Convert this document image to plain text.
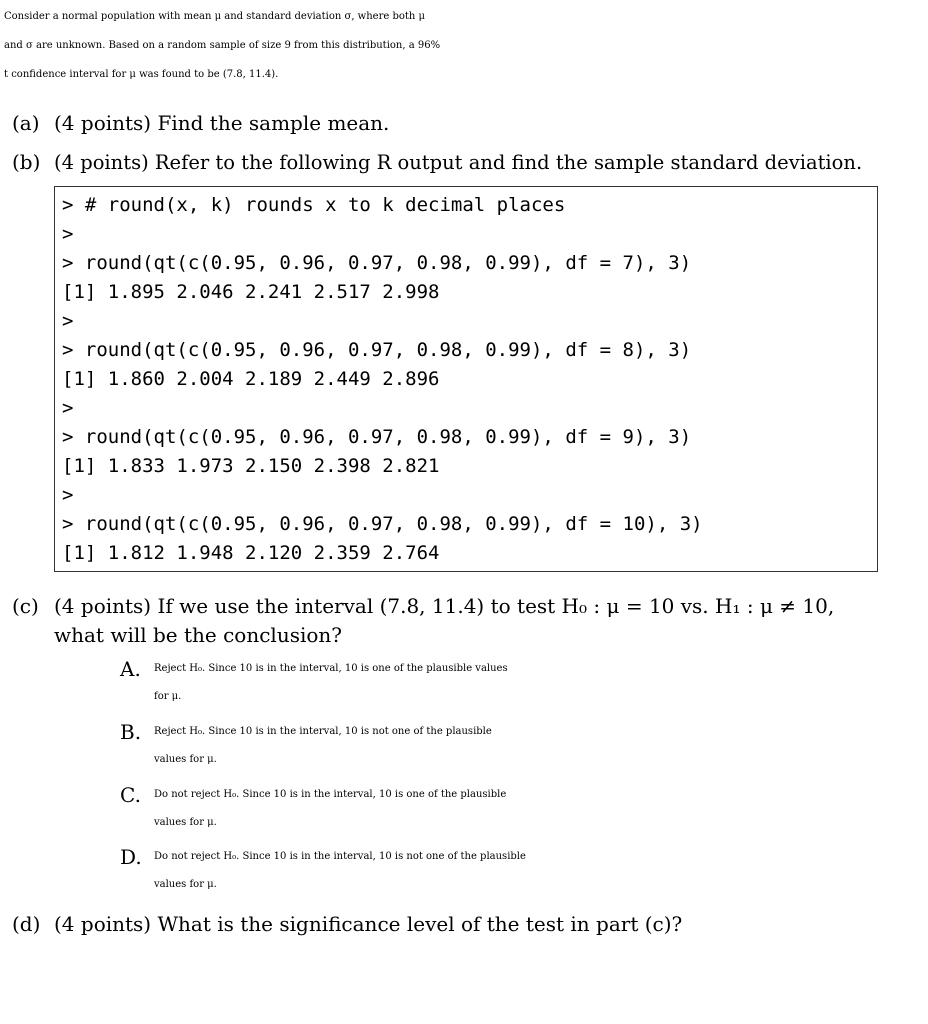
Consider a normal population with mean μ and standard deviation σ, where both μ
and σ are unknown. Based on a random sample of size 9 from this distribution, a 96%
t confidence interval for μ was found to be (7.8, 11.4).
(a) (4 points) Find the sample mean.
(b) (4 points) Refer to the following R output and find the sample standard deviation.
> # round(x, k) rounds x to k decimal places
>
> round(qt(c(0.95, 0.96, 0.97, 0.98, 0.99), df = 7), 3)
[1] 1.895 2.046 2.241 2.517 2.998
>
> round(qt(c(0.95, 0.96, 0.97, 0.98, 0.99), df = 8), 3)
[1] 1.860 2.004 2.189 2.449 2.896
>
> round(qt(c(0.95, 0.96, 0.97, 0.98, 0.99), df = 9), 3)
[1] 1.833 1.973 2.150 2.398 2.821
>
> round(qt(c(0.95, 0.96, 0.97, 0.98, 0.99), df = 10), 3)
[1] 1.812 1.948 2.120 2.359 2.764
(c) (4 points) If we use the interval (7.8, 11.4) to test H₀ : μ = 10 vs. H₁ : μ ≠ 10,
what will be the conclusion?
A. Reject H₀. Since 10 is in the interval, 10 is one of the plausible values
for μ.
B. Reject H₀. Since 10 is in the interval, 10 is not one of the plausible
values for μ.
C. Do not reject H₀. Since 10 is in the interval, 10 is one of the plausible
values for μ.
D. Do not reject H₀. Since 10 is in the interval, 10 is not one of the plausible
values for μ.
(d) (4 points) What is the significance level of the test in part (c)?
